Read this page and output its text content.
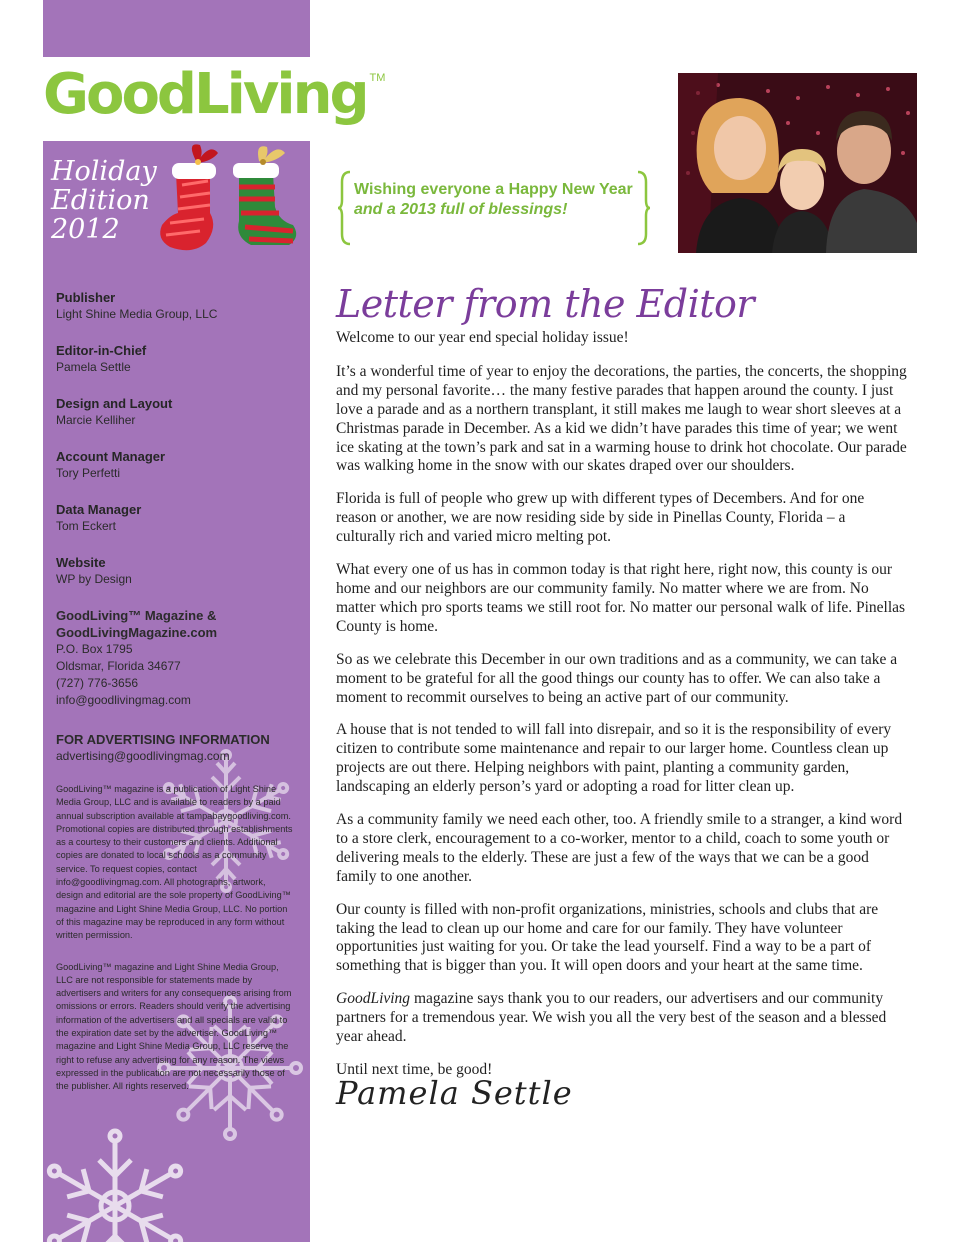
GoodLiving TM
Holiday
Edition
2012
Publisher
Light Shine Media Group, LLC
Editor-in-Chief
Pamela Settle
Design and Layout
Marcie Kelliher
Account Manager
Tory Perfetti
Data Manager
Tom Eckert
Website
WP by Design
GoodLiving™ Magazine &
GoodLivingMagazine.com
P.O. Box 1795
Oldsmar, Florida 34677
(727) 776-3656
info@goodlivingmag.com
FOR ADVERTISING INFORMATION
advertising@goodlivingmag.com
GoodLiving™ magazine is a publication of Light Shine Media Group, LLC and is available to readers by a paid annual subscription available at tampabaygoodliving.com. Promotional copies are distributed through establishments as a courtesy to their customers and clients. Additional copies are donated to local schools as a community service. To request copies, contact info@goodlivingmag.com. All photographs, artwork, design and editorial are the sole property of GoodLiving™ magazine and Light Shine Media Group, LLC. No portion of this magazine may be reproduced in any form without written permission.
GoodLiving™ magazine and Light Shine Media Group, LLC are not responsible for statements made by advertisers and writers for any consequences arising from omissions or errors. Readers should verify the advertising information of the advertisers and all specials are valid to the expiration date set by the advertiser. GoodLiving™ magazine and Light Shine Media Group, LLC reserve the right to refuse any advertising for any reason. The views expressed in the publication are not necessarily those of the publisher. All rights reserved.
Wishing everyone a Happy New Year
and a 2013 full of blessings!
Letter from the Editor

Welcome to our year end special holiday issue!

It’s a wonderful time of year to enjoy the decorations, the parties, the concerts, the shopping and my personal favorite… the many festive parades that happen around the county. I just love a parade and as a northern transplant, it still makes me laugh to wear short sleeves at a Christmas parade in December. As a kid we didn’t have parades this time of year; we went ice skating at the town’s park and sat in a warming house to drink hot chocolate. Our parade was walking home in the snow with our skates draped over our shoulders.

Florida is full of people who grew up with different types of Decembers. And for one reason or another, we are now residing side by side in Pinellas County, Florida – a culturally rich and varied micro melting pot.

What every one of us has in common today is that right here, right now, this county is our home and our neighbors are our community family. No matter where we are from. No matter which pro sports teams we still root for. No matter our personal walk of life. Pinellas County is home.

So as we celebrate this December in our own traditions and as a community, we can take a moment to be grateful for all the good things our county has to offer. We can also take a moment to recommit ourselves to being an active part of our community.

A house that is not tended to will fall into disrepair, and so it is the responsibility of every citizen to contribute some maintenance and repair to our larger home. Countless clean up projects are out there. Helping neighbors with paint, planting a community garden, landscaping an elderly person’s yard or adopting a road for litter clean up.

As a community family we need each other, too. A friendly smile to a stranger, a kind word to a store clerk, encouragement to a co-worker, mentor to a child, coach to some youth or delivering meals to the elderly. These are just a few of the ways that we can be a good family to one another.

Our county is filled with non-profit organizations, ministries, schools and clubs that are taking the lead to clean up our home and care for our family. They have volunteer opportunities just waiting for you. Or take the lead yourself. Find a way to be a part of something that is bigger than you. It will open doors and your heart at the same time.

GoodLiving magazine says thank you to our readers, our advertisers and our community partners for a tremendous year. We wish you all the very best of the season and a blessed year ahead.

Until next time, be good!

Pamela Settle
